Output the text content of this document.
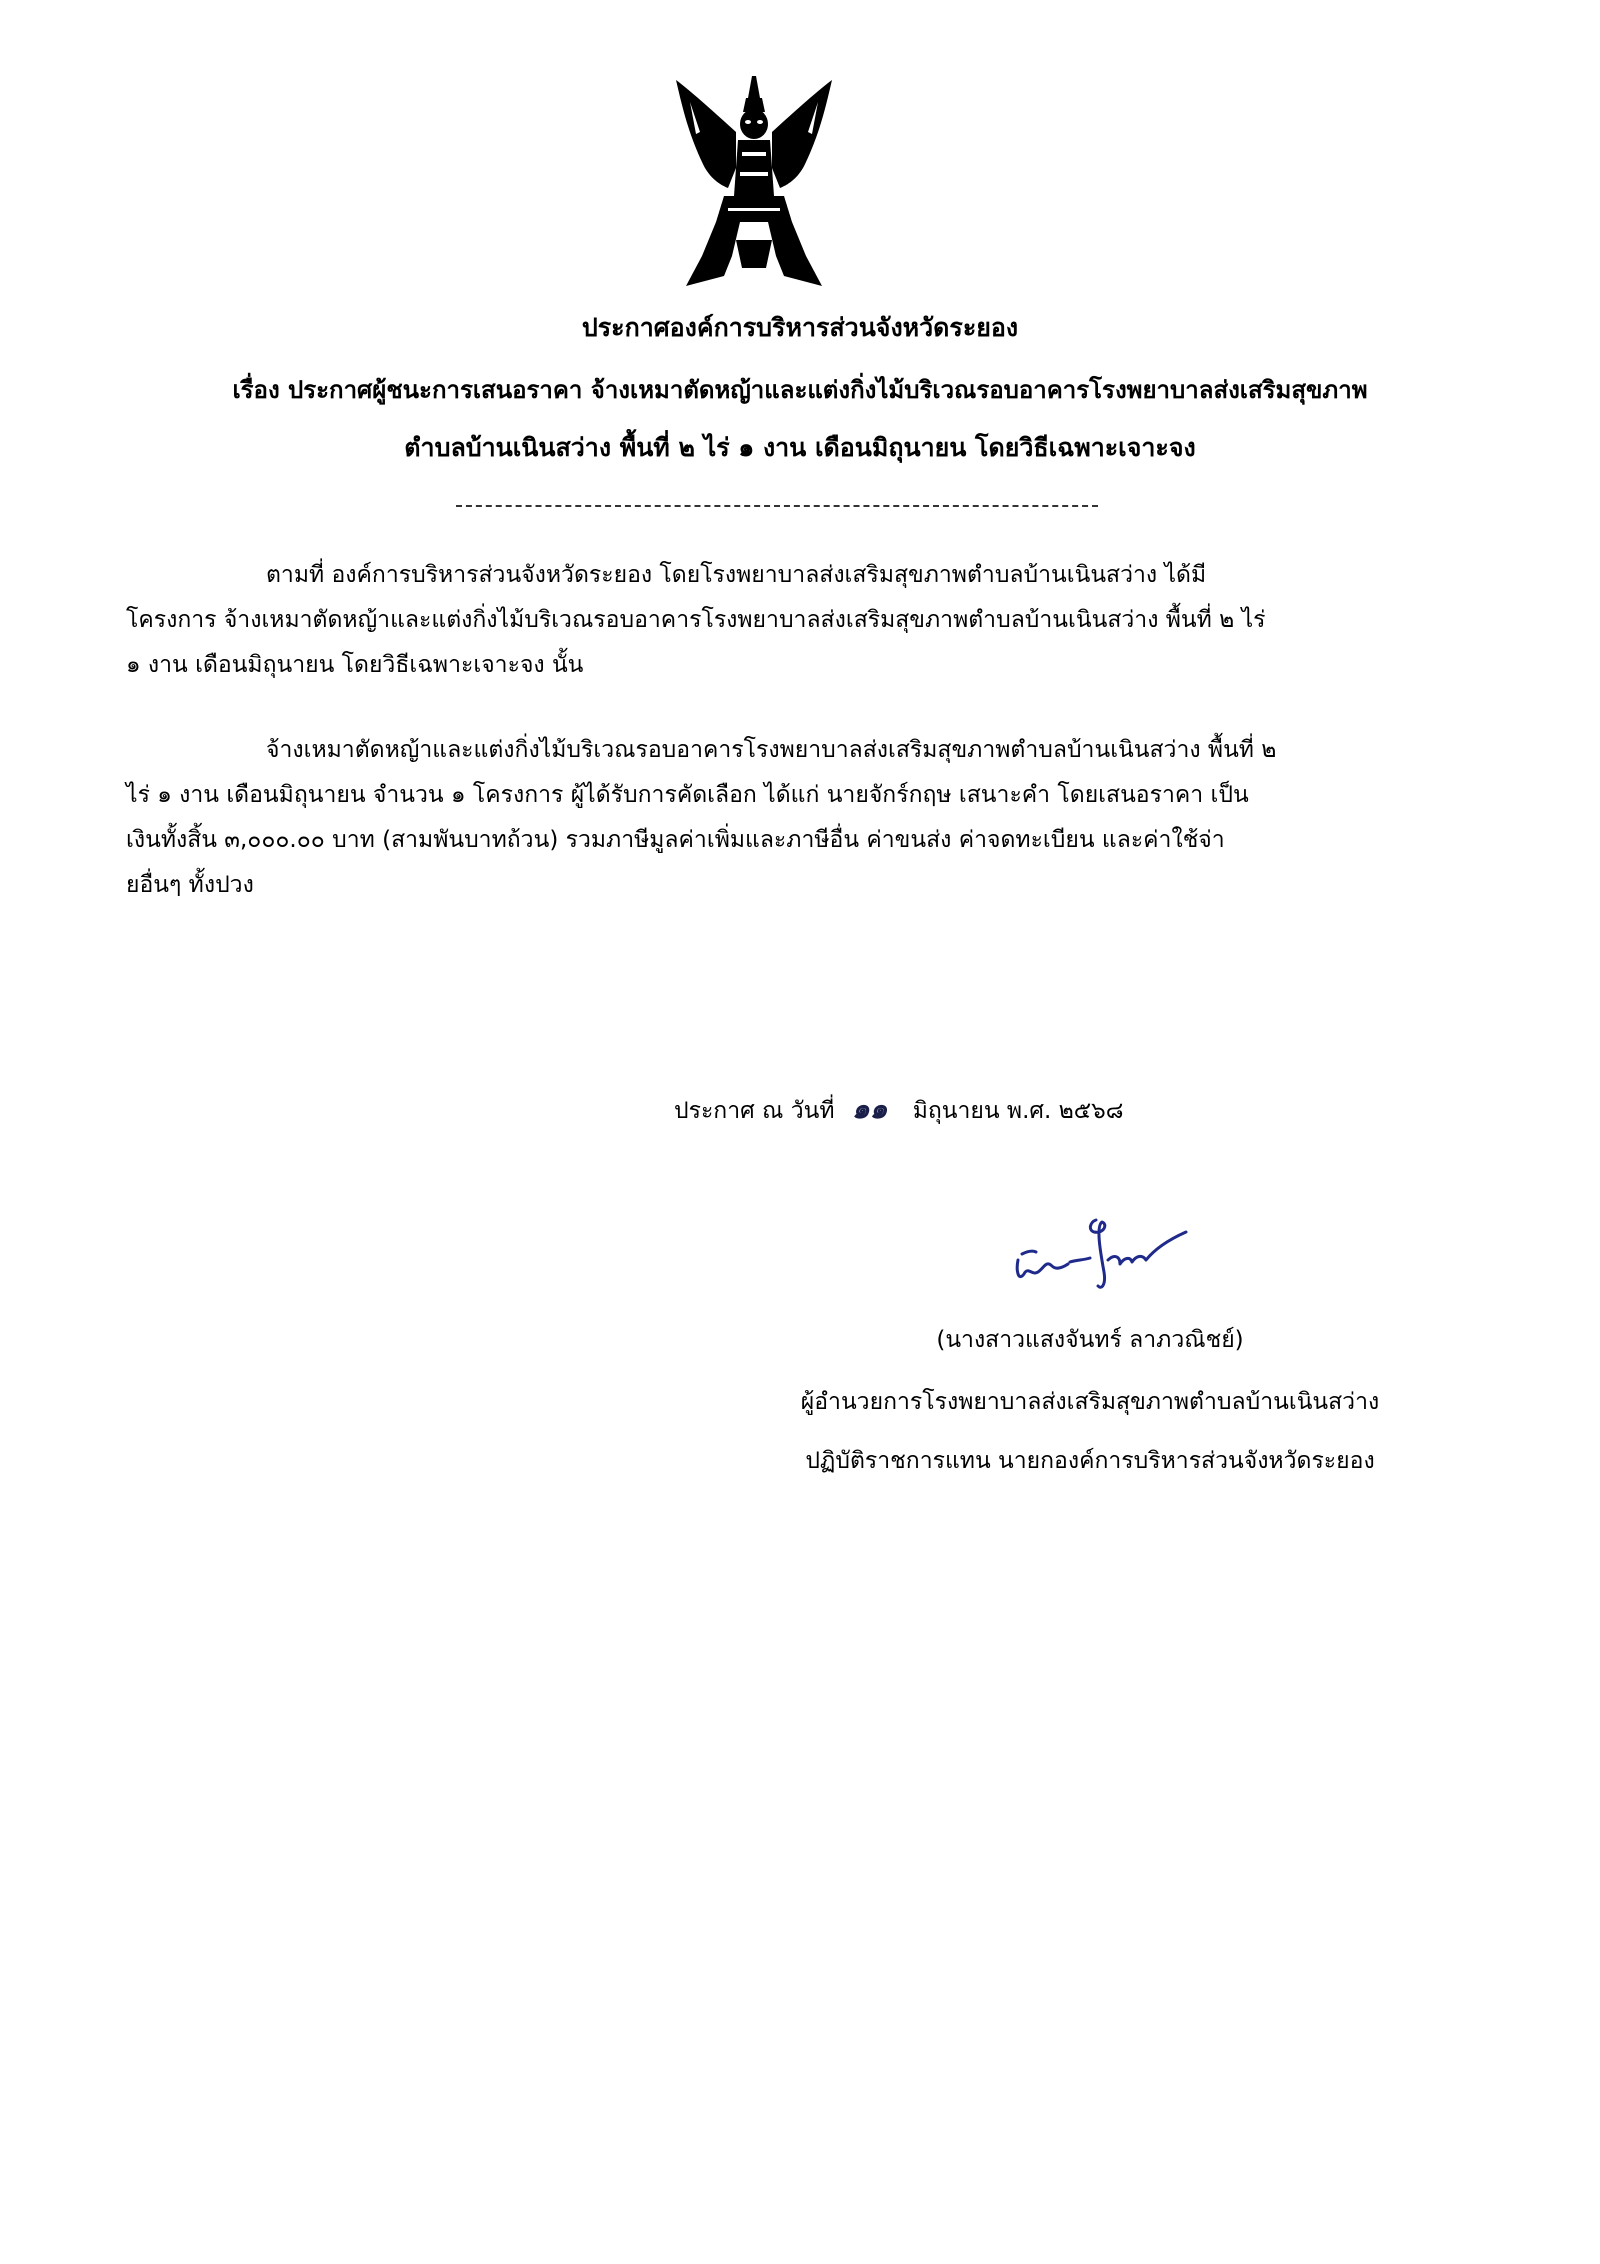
ประกาศองค์การบริหารส่วนจังหวัดระยอง
เรื่อง ประกาศผู้ชนะการเสนอราคา จ้างเหมาตัดหญ้าและแต่งกิ่งไม้บริเวณรอบอาคารโรงพยาบาลส่งเสริมสุขภาพ
ตำบลบ้านเนินสว่าง พื้นที่ ๒ ไร่ ๑ งาน เดือนมิถุนายน โดยวิธีเฉพาะเจาะจง
ตามที่ องค์การบริหารส่วนจังหวัดระยอง โดยโรงพยาบาลส่งเสริมสุขภาพตำบลบ้านเนินสว่าง ได้มี
โครงการ จ้างเหมาตัดหญ้าและแต่งกิ่งไม้บริเวณรอบอาคารโรงพยาบาลส่งเสริมสุขภาพตำบลบ้านเนินสว่าง พื้นที่ ๒ ไร่
๑ งาน เดือนมิถุนายน โดยวิธีเฉพาะเจาะจง นั้น
จ้างเหมาตัดหญ้าและแต่งกิ่งไม้บริเวณรอบอาคารโรงพยาบาลส่งเสริมสุขภาพตำบลบ้านเนินสว่าง พื้นที่ ๒
ไร่ ๑ งาน เดือนมิถุนายน จำนวน ๑ โครงการ ผู้ได้รับการคัดเลือก ได้แก่ นายจักร์กฤษ เสนาะคำ โดยเสนอราคา เป็น
เงินทั้งสิ้น ๓,๐๐๐.๐๐ บาท (สามพันบาทถ้วน) รวมภาษีมูลค่าเพิ่มและภาษีอื่น ค่าขนส่ง ค่าจดทะเบียน และค่าใช้จ่า
ยอื่นๆ ทั้งปวง
ประกาศ ณ วันที่ ๑๑ มิถุนายน พ.ศ. ๒๕๖๘
(นางสาวแสงจันทร์ ลาภวณิชย์)
ผู้อำนวยการโรงพยาบาลส่งเสริมสุขภาพตำบลบ้านเนินสว่าง
ปฏิบัติราชการแทน นายกองค์การบริหารส่วนจังหวัดระยอง
